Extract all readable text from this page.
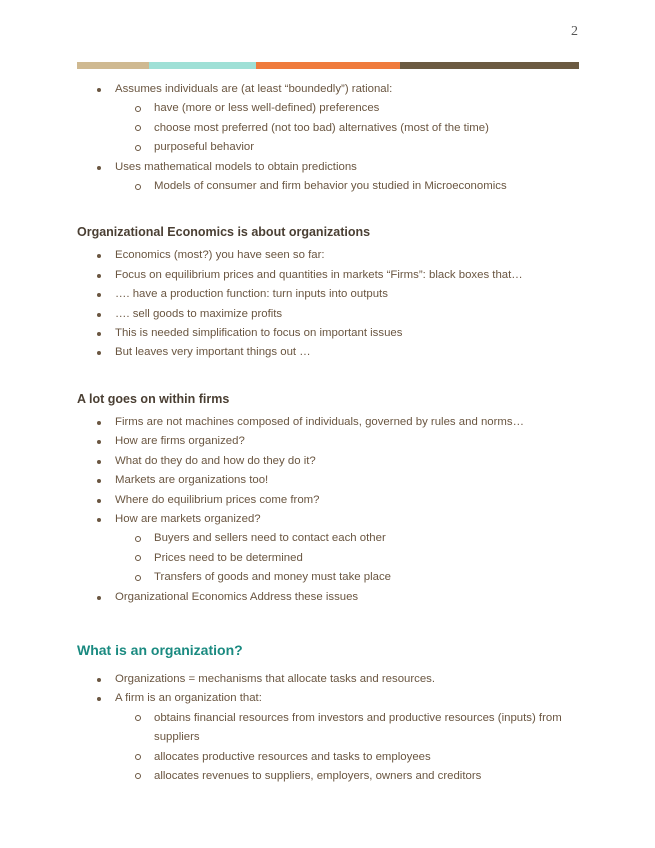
2
Assumes individuals are (at least “boundedly”) rational:
have (more or less well-defined) preferences
choose most preferred (not too bad) alternatives (most of the time)
purposeful behavior
Uses mathematical models to obtain predictions
Models of consumer and firm behavior you studied in Microeconomics
Organizational Economics is about organizations
Economics (most?) you have seen so far:
Focus on equilibrium prices and quantities in markets “Firms”: black boxes that…
…. have a production function: turn inputs into outputs
…. sell goods to maximize profits
This is needed simplification to focus on important issues
But leaves very important things out …
A lot goes on within firms
Firms are not machines composed of individuals, governed by rules and norms…
How are firms organized?
What do they do and how do they do it?
Markets are organizations too!
Where do equilibrium prices come from?
How are markets organized?
Buyers and sellers need to contact each other
Prices need to be determined
Transfers of goods and money must take place
Organizational Economics Address these issues
What is an organization?
Organizations = mechanisms that allocate tasks and resources.
A firm is an organization that:
obtains financial resources from investors and productive resources (inputs) from suppliers
allocates productive resources and tasks to employees
allocates revenues to suppliers, employers, owners and creditors
